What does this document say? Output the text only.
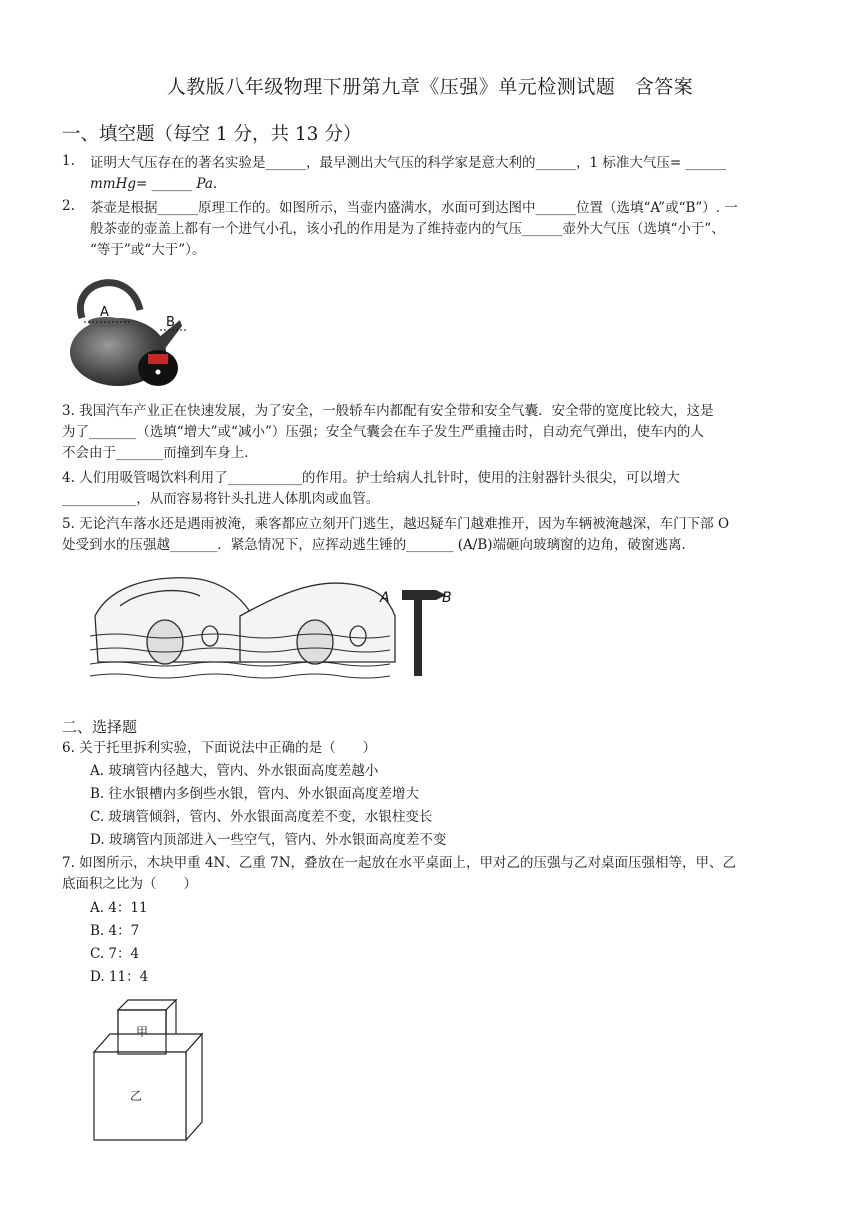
人教版八年级物理下册第九章《压强》单元检测试题　含答案
一、填空题（每空 1 分，共 13 分）
1. 证明大气压存在的著名实验是______，最早测出大气压的科学家是意大利的______，1 标准大气压= ______
mmHg= ______ Pa.
2. 茶壶是根据______原理工作的。如图所示，当壶内盛满水，水面可到达图中______位置（选填“A”或“B”）. 一
般茶壶的壶盖上都有一个进气小孔，该小孔的作用是为了维持壶内的气压______壶外大气压（选填“小于”、
“等于”或“大于”）。
A
B
3. 我国汽车产业正在快速发展，为了安全，一般轿车内都配有安全带和安全气囊．安全带的宽度比较大，这是
为了_______（选填“增大”或“减小”）压强；安全气囊会在车子发生严重撞击时，自动充气弹出，使车内的人
不会由于_______而撞到车身上．
4. 人们用吸管喝饮料利用了___________的作用。护士给病人扎针时，使用的注射器针头很尖，可以增大
___________，从而容易将针头扎进人体肌肉或血管。
5. 无论汽车落水还是遇雨被淹，乘客都应立刻开门逃生，越迟疑车门越难推开，因为车辆被淹越深，车门下部 O
处受到水的压强越_______．紧急情况下，应挥动逃生锤的_______ (A/B)端砸向玻璃窗的边角，破窗逃离.
A	B
二、选择题
6. 关于托里拆利实验，下面说法中正确的是（　　）
A. 玻璃管内径越大，管内、外水银面高度差越小
B. 往水银槽内多倒些水银，管内、外水银面高度差增大
C. 玻璃管倾斜，管内、外水银面高度差不变，水银柱变长
D. 玻璃管内顶部进入一些空气，管内、外水银面高度差不变
7. 如图所示，木块甲重 4N、乙重 7N，叠放在一起放在水平桌面上，甲对乙的压强与乙对桌面压强相等，甲、乙
底面积之比为（　　）
A. 4：11
B. 4：7
C. 7：4
D. 11：4
甲
乙
